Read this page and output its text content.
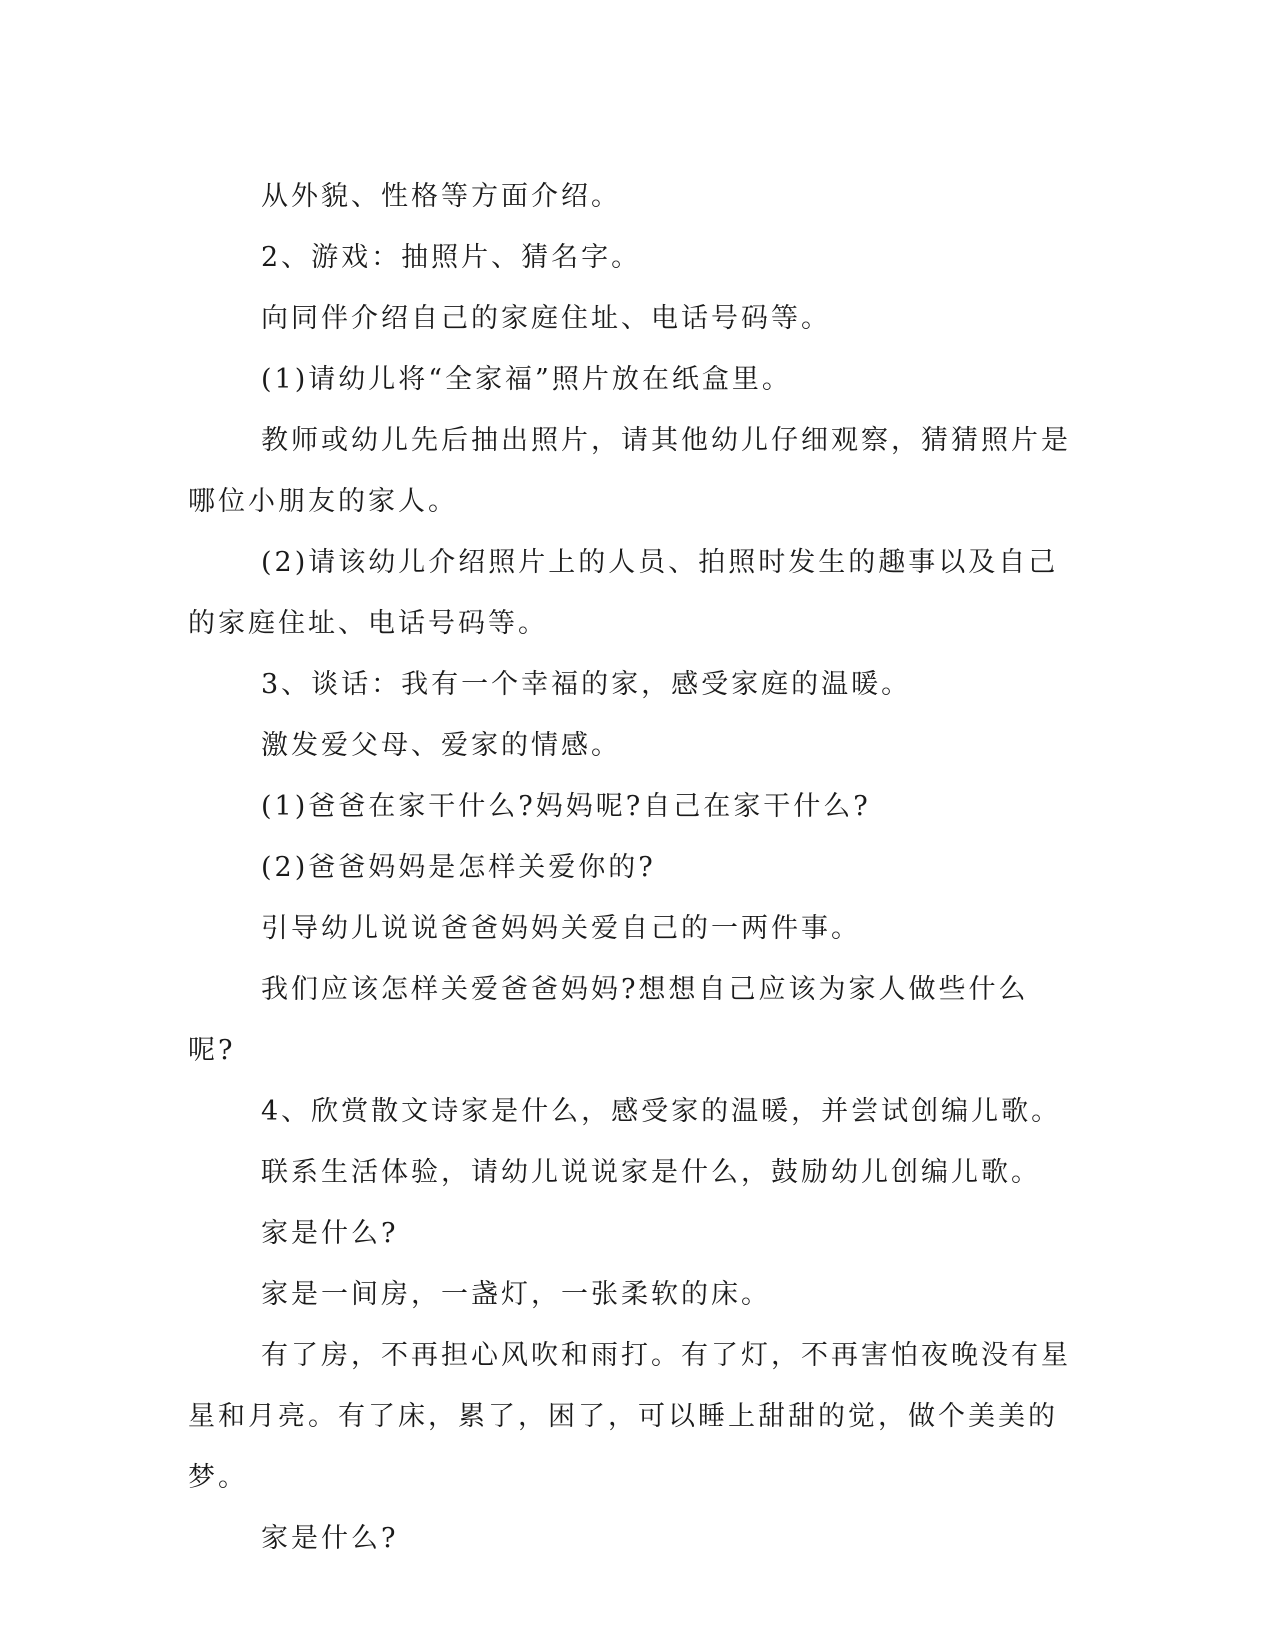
从外貌、性格等方面介绍。

2、游戏：抽照片、猜名字。

向同伴介绍自己的家庭住址、电话号码等。

(1)请幼儿将“全家福”照片放在纸盒里。

教师或幼儿先后抽出照片，请其他幼儿仔细观察，猜猜照片是哪位小朋友的家人。

(2)请该幼儿介绍照片上的人员、拍照时发生的趣事以及自己的家庭住址、电话号码等。

3、谈话：我有一个幸福的家，感受家庭的温暖。

激发爱父母、爱家的情感。

(1)爸爸在家干什么?妈妈呢?自己在家干什么?

(2)爸爸妈妈是怎样关爱你的?

引导幼儿说说爸爸妈妈关爱自己的一两件事。

我们应该怎样关爱爸爸妈妈?想想自己应该为家人做些什么呢?

4、欣赏散文诗家是什么，感受家的温暖，并尝试创编儿歌。

联系生活体验，请幼儿说说家是什么，鼓励幼儿创编儿歌。

家是什么?

家是一间房，一盏灯，一张柔软的床。

有了房，不再担心风吹和雨打。有了灯，不再害怕夜晚没有星星和月亮。有了床，累了，困了，可以睡上甜甜的觉，做个美美的梦。

家是什么?
